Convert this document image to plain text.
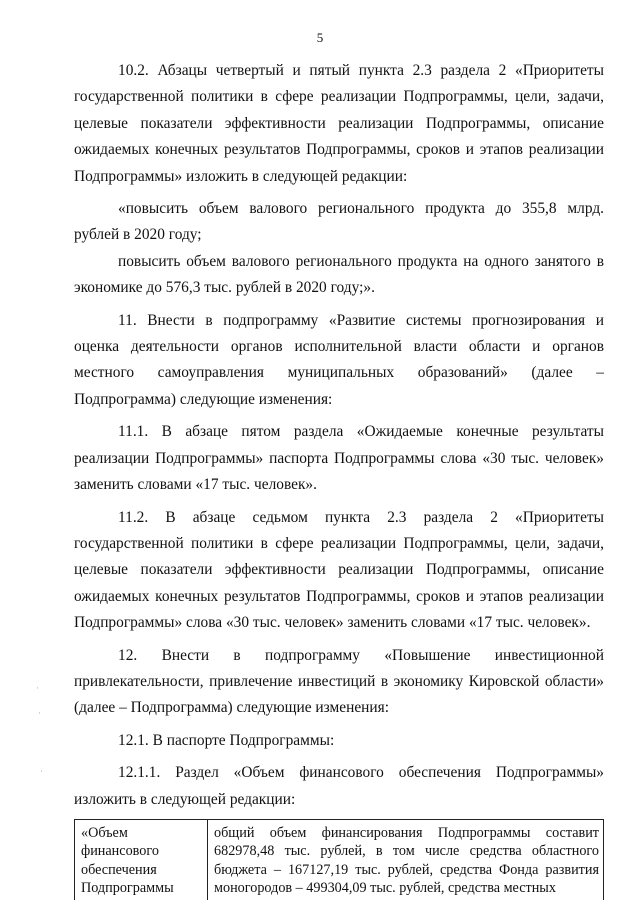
5

10.2. Абзацы четвертый и пятый пункта 2.3 раздела 2 «Приоритеты государственной политики в сфере реализации Подпрограммы, цели, задачи, целевые показатели эффективности реализации Подпрограммы, описание ожидаемых конечных результатов Подпрограммы, сроков и этапов реализации Подпрограммы» изложить в следующей редакции:

«повысить объем валового регионального продукта до 355,8 млрд. рублей в 2020 году;

повысить объем валового регионального продукта на одного занятого в экономике до 576,3 тыс. рублей в 2020 году;».

11. Внести в подпрограмму «Развитие системы прогнозирования и оценка деятельности органов исполнительной власти области и органов местного самоуправления муниципальных образований» (далее – Подпрограмма) следующие изменения:

11.1. В абзаце пятом раздела «Ожидаемые конечные результаты реализации Подпрограммы» паспорта Подпрограммы слова «30 тыс. человек» заменить словами «17 тыс. человек».

11.2. В абзаце седьмом пункта 2.3 раздела 2 «Приоритеты государственной политики в сфере реализации Подпрограммы, цели, задачи, целевые показатели эффективности реализации Подпрограммы, описание ожидаемых конечных результатов Подпрограммы, сроков и этапов реализации Подпрограммы» слова «30 тыс. человек» заменить словами «17 тыс. человек».

12. Внести в подпрограмму «Повышение инвестиционной привлекательности, привлечение инвестиций в экономику Кировской области» (далее – Подпрограмма) следующие изменения:

12.1. В паспорте Подпрограммы:

12.1.1. Раздел «Объем финансового обеспечения Подпрограммы» изложить в следующей редакции:

«Объем финансового обеспечения Подпрограммы	общий объем финансирования Подпрограммы составит 682978,48 тыс. рублей, в том числе средства областного бюджета – 167127,19 тыс. рублей, средства Фонда развития моногородов – 499304,09 тыс. рублей, средства местных
·
·
·
